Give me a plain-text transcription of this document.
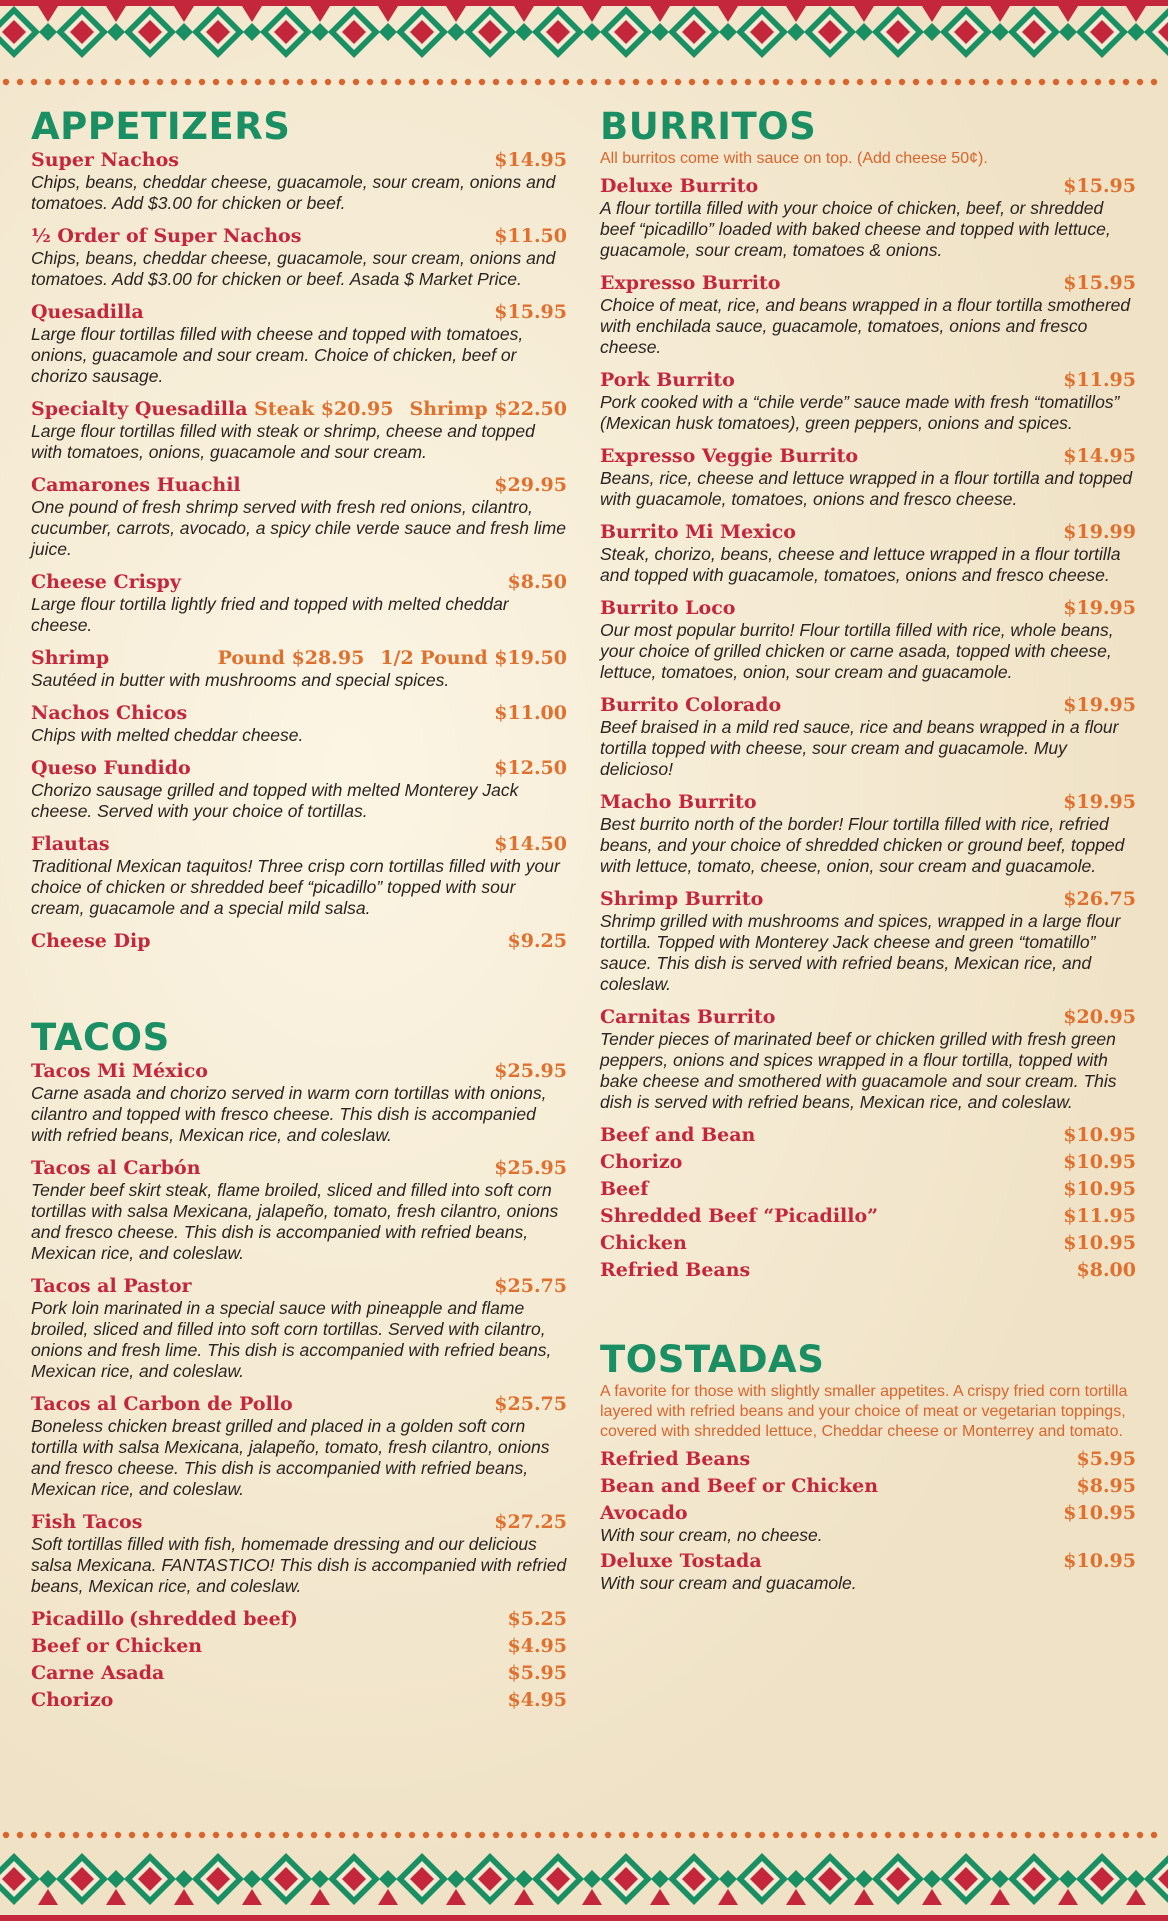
APPETIZERS
Super Nachos	$14.95

Chips, beans, cheddar cheese, guacamole, sour cream, onions and tomatoes. Add $3.00 for chicken or beef.

½ Order of Super Nachos	$11.50

Chips, beans, cheddar cheese, guacamole, sour cream, onions and tomatoes. Add $3.00 for chicken or beef. Asada $ Market Price.

Quesadilla	$15.95

Large flour tortillas filled with cheese and topped with tomatoes, onions, guacamole and sour cream. Choice of chicken, beef or chorizo sausage.

Specialty Quesadilla Steak $20.95 Shrimp $22.50

Large flour tortillas filled with steak or shrimp, cheese and topped with tomatoes, onions, guacamole and sour cream.

Camarones Huachil	$29.95

One pound of fresh shrimp served with fresh red onions, cilantro, cucumber, carrots, avocado, a spicy chile verde sauce and fresh lime juice.

Cheese Crispy	$8.50

Large flour tortilla lightly fried and topped with melted cheddar cheese.

Shrimp	Pound $28.95 1/2 Pound $19.50

Sautéed in butter with mushrooms and special spices.

Nachos Chicos	$11.00

Chips with melted cheddar cheese.

Queso Fundido	$12.50

Chorizo sausage grilled and topped with melted Monterey Jack cheese. Served with your choice of tortillas.

Flautas	$14.50

Traditional Mexican taquitos! Three crisp corn tortillas filled with your choice of chicken or shredded beef “picadillo” topped with sour cream, guacamole and a special mild salsa.

Cheese Dip	$9.25
TACOS
Tacos Mi México	$25.95

Carne asada and chorizo served in warm corn tortillas with onions, cilantro and topped with fresco cheese. This dish is accompanied with refried beans, Mexican rice, and coleslaw.

Tacos al Carbón	$25.95

Tender beef skirt steak, flame broiled, sliced and filled into soft corn tortillas with salsa Mexicana, jalapeño, tomato, fresh cilantro, onions and fresco cheese. This dish is accompanied with refried beans, Mexican rice, and coleslaw.

Tacos al Pastor	$25.75

Pork loin marinated in a special sauce with pineapple and flame broiled, sliced and filled into soft corn tortillas. Served with cilantro, onions and fresh lime. This dish is accompanied with refried beans, Mexican rice, and coleslaw.

Tacos al Carbon de Pollo	$25.75

Boneless chicken breast grilled and placed in a golden soft corn tortilla with salsa Mexicana, jalapeño, tomato, fresh cilantro, onions and fresco cheese. This dish is accompanied with refried beans, Mexican rice, and coleslaw.

Fish Tacos	$27.25

Soft tortillas filled with fish, homemade dressing and our delicious salsa Mexicana. FANTASTICO! This dish is accompanied with refried beans, Mexican rice, and coleslaw.

Picadillo (shredded beef)	$5.25
Beef or Chicken	$4.95
Carne Asada	$5.95
Chorizo	$4.95
BURRITOS

All burritos come with sauce on top. (Add cheese 50¢).

Deluxe Burrito	$15.95

A flour tortilla filled with your choice of chicken, beef, or shredded beef “picadillo” loaded with baked cheese and topped with lettuce, guacamole, sour cream, tomatoes & onions.

Expresso Burrito	$15.95

Choice of meat, rice, and beans wrapped in a flour tortilla smothered with enchilada sauce, guacamole, tomatoes, onions and fresco cheese.

Pork Burrito	$11.95

Pork cooked with a “chile verde” sauce made with fresh “tomatillos” (Mexican husk tomatoes), green peppers, onions and spices.

Expresso Veggie Burrito	$14.95

Beans, rice, cheese and lettuce wrapped in a flour tortilla and topped with guacamole, tomatoes, onions and fresco cheese.

Burrito Mi Mexico	$19.99

Steak, chorizo, beans, cheese and lettuce wrapped in a flour tortilla and topped with guacamole, tomatoes, onions and fresco cheese.

Burrito Loco	$19.95

Our most popular burrito! Flour tortilla filled with rice, whole beans, your choice of grilled chicken or carne asada, topped with cheese, lettuce, tomatoes, onion, sour cream and guacamole.

Burrito Colorado	$19.95

Beef braised in a mild red sauce, rice and beans wrapped in a flour tortilla topped with cheese, sour cream and guacamole. Muy delicioso!

Macho Burrito	$19.95

Best burrito north of the border! Flour tortilla filled with rice, refried beans, and your choice of shredded chicken or ground beef, topped with lettuce, tomato, cheese, onion, sour cream and guacamole.

Shrimp Burrito	$26.75

Shrimp grilled with mushrooms and spices, wrapped in a large flour tortilla. Topped with Monterey Jack cheese and green “tomatillo” sauce. This dish is served with refried beans, Mexican rice, and coleslaw.

Carnitas Burrito	$20.95

Tender pieces of marinated beef or chicken grilled with fresh green peppers, onions and spices wrapped in a flour tortilla, topped with bake cheese and smothered with guacamole and sour cream. This dish is served with refried beans, Mexican rice, and coleslaw.

Beef and Bean	$10.95
Chorizo	$10.95
Beef	$10.95
Shredded Beef “Picadillo”	$11.95
Chicken	$10.95
Refried Beans	$8.00
TOSTADAS

A favorite for those with slightly smaller appetites. A crispy fried corn tortilla layered with refried beans and your choice of meat or vegetarian toppings, covered with shredded lettuce, Cheddar cheese or Monterrey and tomato.

Refried Beans	$5.95
Bean and Beef or Chicken	$8.95
Avocado	$10.95

With sour cream, no cheese.

Deluxe Tostada	$10.95

With sour cream and guacamole.
